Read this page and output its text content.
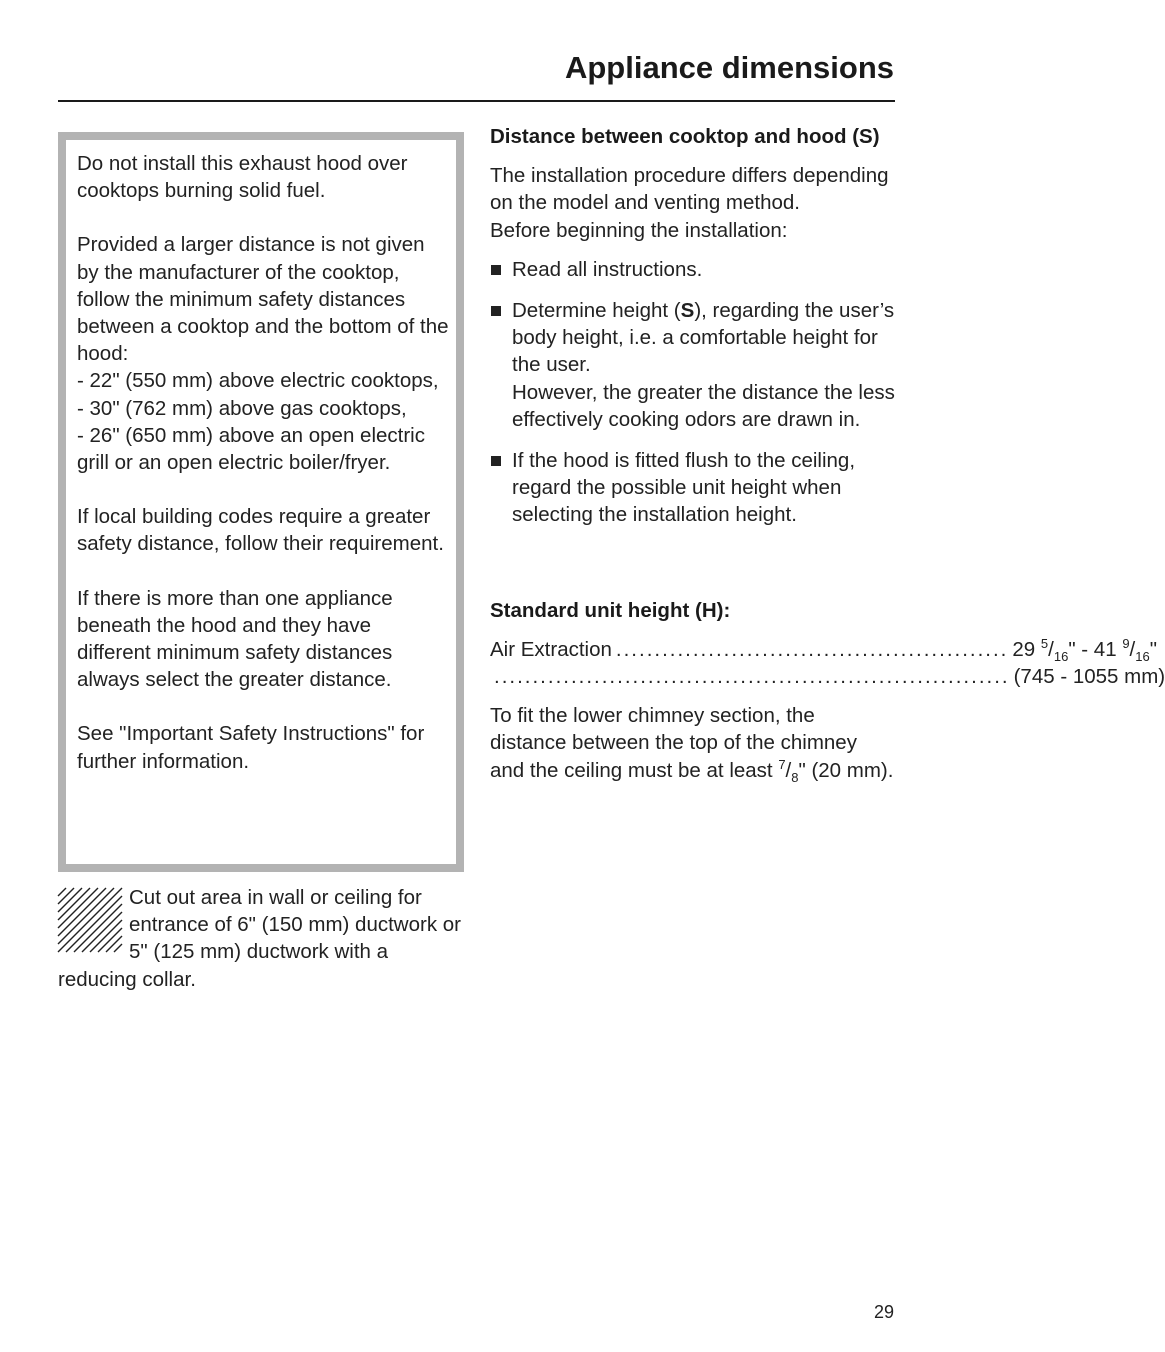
Appliance dimensions

Do not install this exhaust hood over cooktops burning solid fuel.

Provided a larger distance is not given by the manufacturer of the cooktop, follow the minimum safety distances between a cooktop and the bottom of the hood:
- 22" (550 mm) above electric cooktops,
- 30" (762 mm) above gas cooktops,
- 26" (650 mm) above an open electric grill or an open electric boiler/fryer.

If local building codes require a greater safety distance, follow their requirement.

If there is more than one appliance beneath the hood and they have different minimum safety distances always select the greater distance.

See "Important Safety Instructions" for further information.

Cut out area in wall or ceiling for entrance of 6" (150 mm) ductwork or 5" (125 mm) ductwork with a reducing collar.

Distance between cooktop and hood (S)

The installation procedure differs depending on the model and venting method.
Before beginning the installation:

Read all instructions.
Determine height (S), regarding the user’s body height, i.e. a comfortable height for the user.
However, the greater the distance the less effectively cooking odors are drawn in.
If the hood is fitted flush to the ceiling, regard the possible unit height when selecting the installation height.

Standard unit height (H):

Air Extraction ................................................... 29 $^5/_{16}$" - 41 $^9/_{16}$"
................................................................... (745 - 1055 mm)

To fit the lower chimney section, the distance between the top of the chimney and the ceiling must be at least $^7/_8$" (20 mm).

29
